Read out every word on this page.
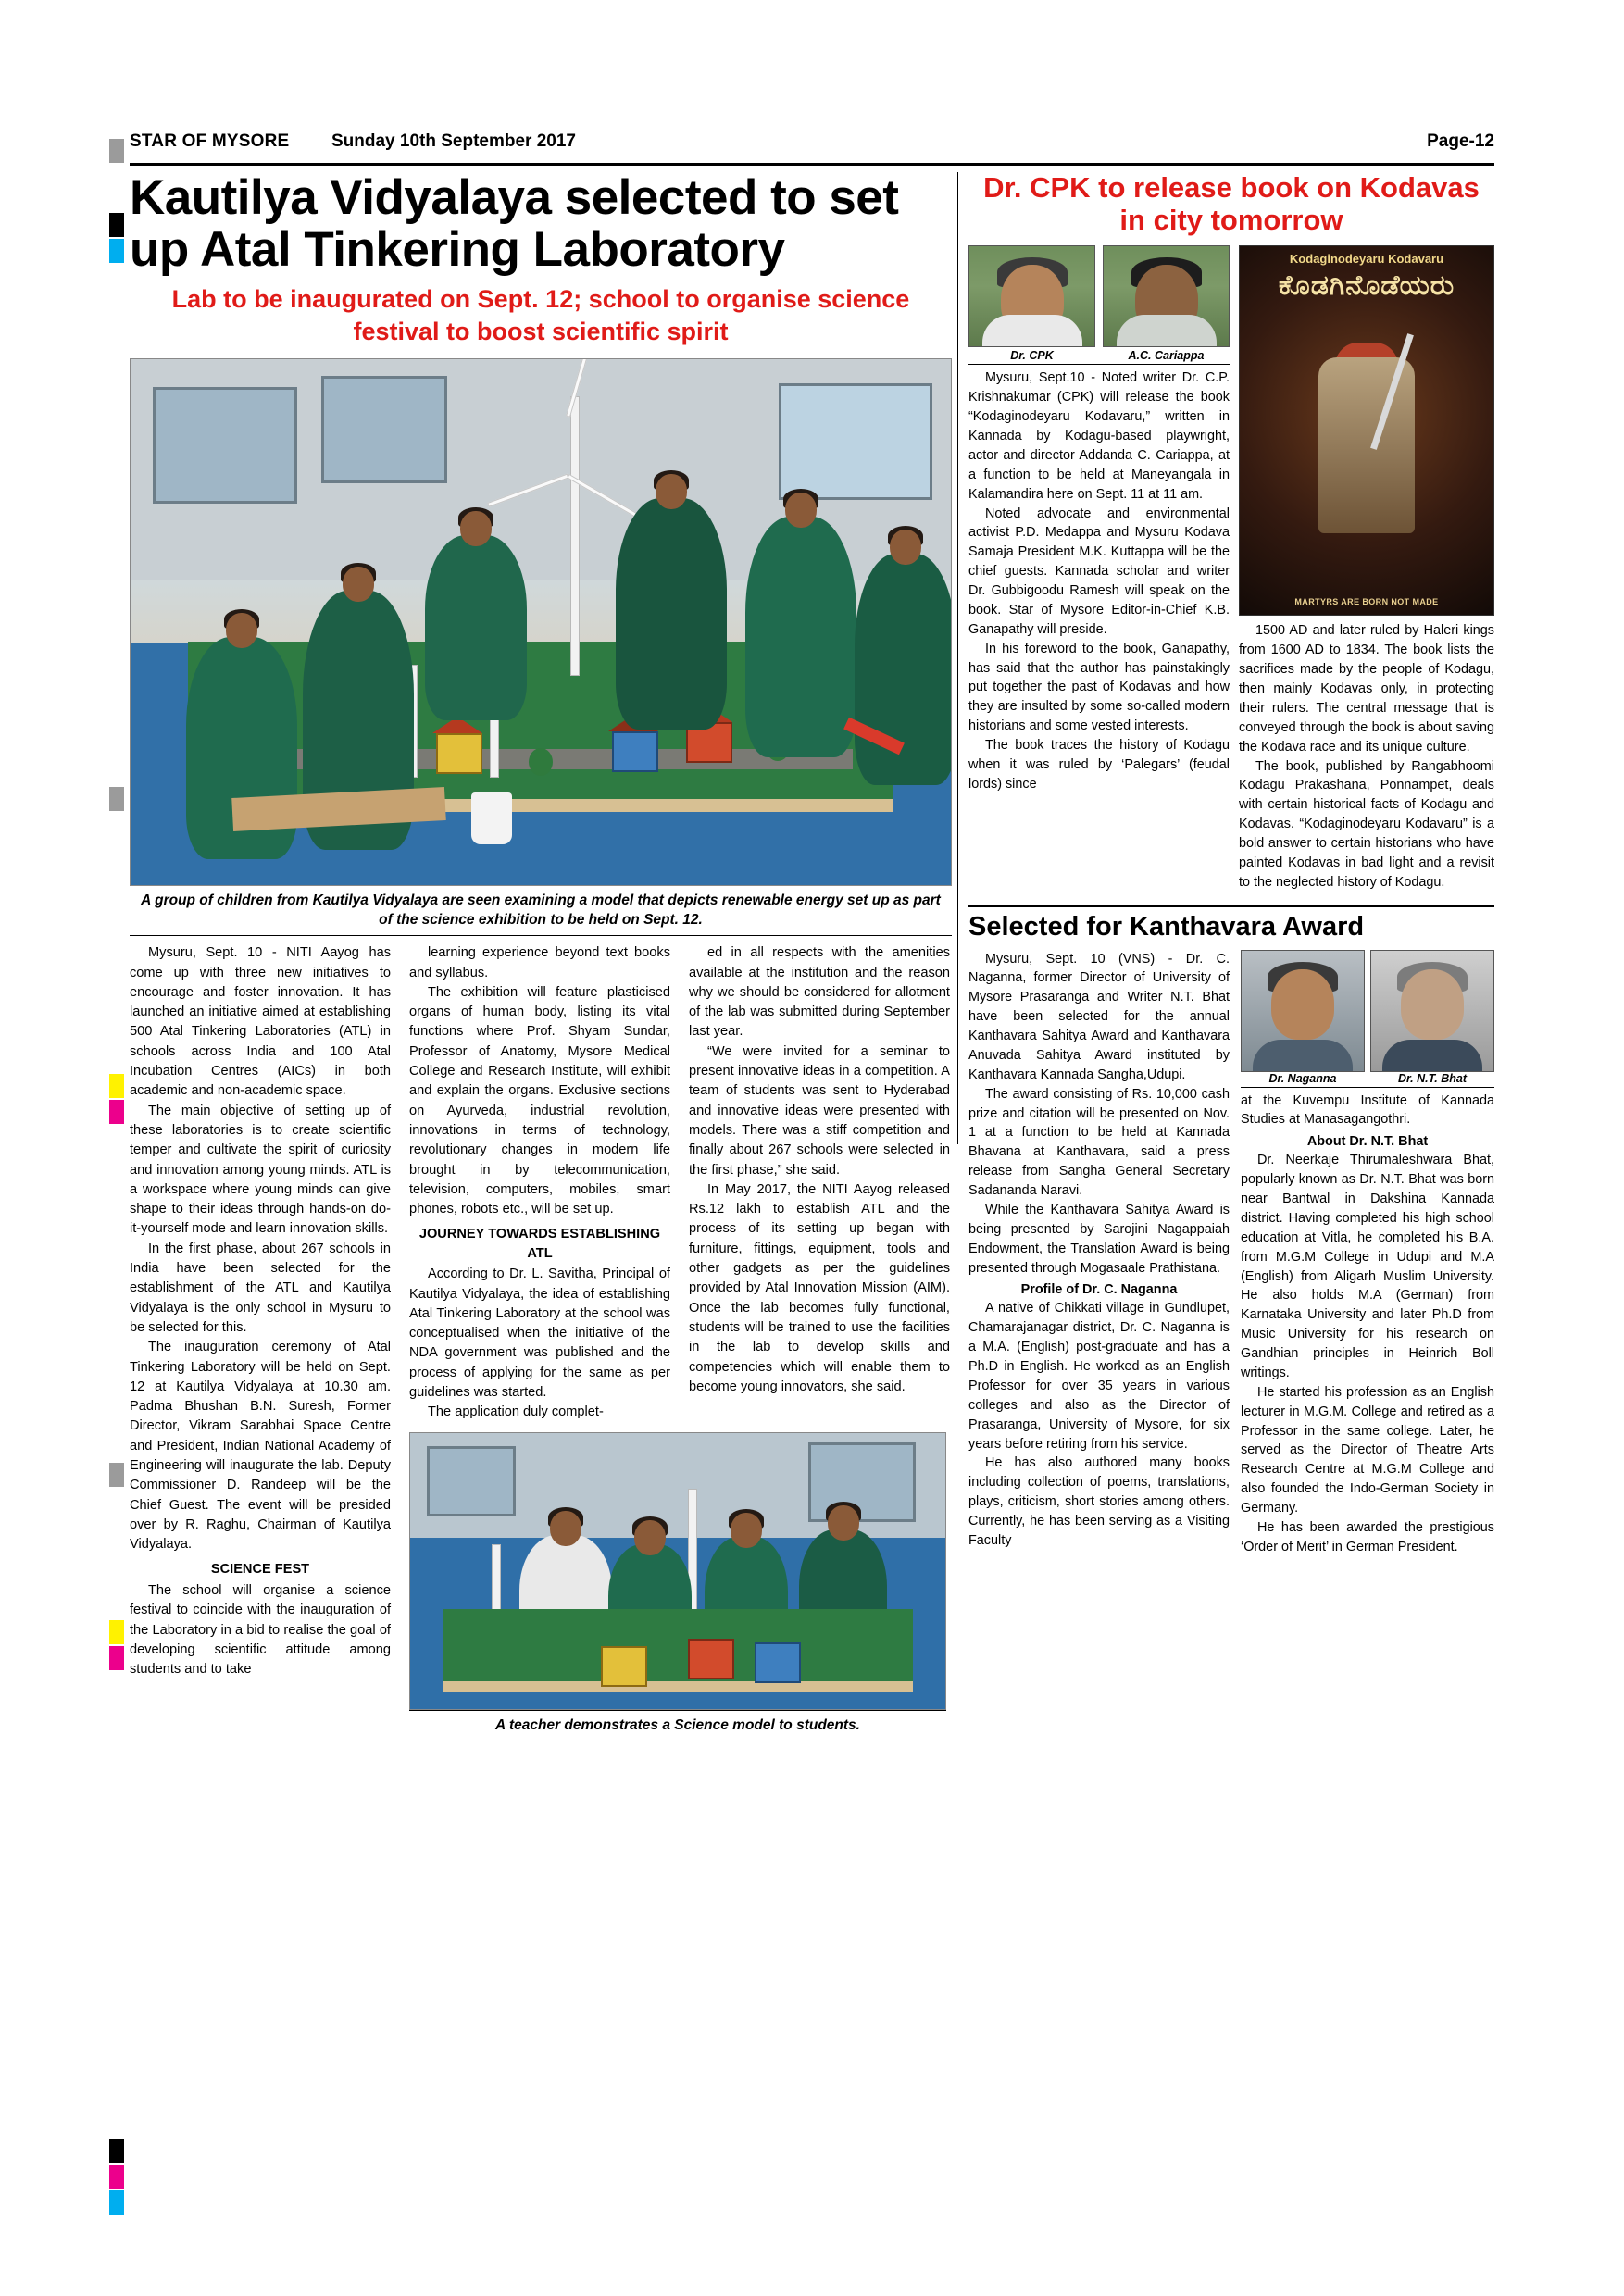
STAR OF MYSORE Sunday 10th September 2017	Page-12
Kautilya Vidyalaya selected to set up Atal Tinkering Laboratory
Lab to be inaugurated on Sept. 12; school to organise science festival to boost scientific spirit
A group of children from Kautilya Vidyalaya are seen examining a model that depicts renewable energy set up as part of the science exhibition to be held on Sept. 12.

Mysuru, Sept. 10 - NITI Aayog has come up with three new initiatives to encourage and foster innovation. It has launched an initiative aimed at establishing 500 Atal Tinkering Laboratories (ATL) in schools across India and 100 Atal Incubation Centres (AICs) in both academic and non-academic space.

The main objective of setting up of these laboratories is to create scientific temper and cultivate the spirit of curiosity and innovation among young minds. ATL is a workspace where young minds can give shape to their ideas through hands-on do-it-yourself mode and learn innovation skills.

In the first phase, about 267 schools in India have been selected for the establishment of the ATL and Kautilya Vidyalaya is the only school in Mysuru to be selected for this.

The inauguration ceremony of Atal Tinkering Laboratory will be held on Sept. 12 at Kautilya Vidyalaya at 10.30 am. Padma Bhushan B.N. Suresh, Former Director, Vikram Sarabhai Space Centre and President, Indian National Academy of Engineering will inaugurate the lab. Deputy Commissioner D. Randeep will be the Chief Guest. The event will be presided over by R. Raghu, Chairman of Kautilya Vidyalaya.

SCIENCE FEST

The school will organise a science festival to coincide with the inauguration of the Laboratory in a bid to realise the goal of developing scientific attitude among students and to take

learning experience beyond text books and syllabus.

The exhibition will feature plasticised organs of human body, listing its vital functions where Prof. Shyam Sundar, Professor of Anatomy, Mysore Medical College and Research Institute, will exhibit and explain the organs. Exclusive sections on Ayurveda, industrial revolution, innovations in terms of technology, revolutionary changes in modern life brought in by telecommunication, television, computers, mobiles, smart phones, robots etc., will be set up.

JOURNEY TOWARDS ESTABLISHING ATL

According to Dr. L. Savitha, Principal of Kautilya Vidyalaya, the idea of establishing Atal Tinkering Laboratory at the school was conceptualised when the initiative of the NDA government was published and the process of applying for the same as per guidelines was started.

The application duly complet-

A teacher demonstrates a Science model to students.

ed in all respects with the amenities available at the institution and the reason why we should be considered for allotment of the lab was submitted during September last year.

“We were invited for a seminar to present innovative ideas in a competition. A team of students was sent to Hyderabad and innovative ideas were presented with models. There was a stiff competition and finally about 267 schools were selected in the first phase,” she said.

In May 2017, the NITI Aayog released Rs.12 lakh to establish ATL and the process of its setting up began with furniture, fittings, equipment, tools and other gadgets as per the guidelines provided by Atal Innovation Mission (AIM). Once the lab becomes fully functional, students will be trained to use the facilities in the lab to develop skills and competencies which will enable them to become young innovators, she said.

Dr. CPK to release book on Kodavas in city tomorrow
Dr. CPK	A.C. Cariappa

Mysuru, Sept.10 - Noted writer Dr. C.P. Krishnakumar (CPK) will release the book “Kodaginodeyaru Kodavaru,” written in Kannada by Kodagu-based playwright, actor and director Addanda C. Cariappa, at a function to be held at Maneyangala in Kalamandira here on Sept. 11 at 11 am.

Noted advocate and environmental activist P.D. Medappa and Mysuru Kodava Samaja President M.K. Kuttappa will be the chief guests. Kannada scholar and writer Dr. Gubbigoodu Ramesh will speak on the book. Star of Mysore Editor-in-Chief K.B. Ganapathy will preside.

In his foreword to the book, Ganapathy, has said that the author has painstakingly put together the past of Kodavas and how they are insulted by some so-called modern historians and some vested interests.

The book traces the history of Kodagu when it was ruled by ‘Palegars’ (feudal lords) since

Kodaginodeyaru Kodavaru
ಕೊಡಗಿನೊಡೆಯರು
MARTYRS ARE BORN NOT MADE

1500 AD and later ruled by Haleri kings from 1600 AD to 1834. The book lists the sacrifices made by the people of Kodagu, then mainly Kodavas only, in protecting their rulers. The central message that is conveyed through the book is about saving the Kodava race and its unique culture.

The book, published by Rangabhoomi Kodagu Prakashana, Ponnampet, deals with certain historical facts of Kodagu and Kodavas. “Kodaginodeyaru Kodavaru” is a bold answer to certain historians who have painted Kodavas in bad light and a revisit to the neglected history of Kodagu.

Selected for Kanthavara Award

Mysuru, Sept. 10 (VNS) - Dr. C. Naganna, former Director of University of Mysore Prasaranga and Writer N.T. Bhat have been selected for the annual Kanthavara Sahitya Award and Kanthavara Anuvada Sahitya Award instituted by Kanthavara Kannada Sangha,Udupi.

The award consisting of Rs. 10,000 cash prize and citation will be presented on Nov. 1 at a function to be held at Kannada Bhavana at Kanthavara, said a press release from Sangha General Secretary Sadananda Naravi.

While the Kanthavara Sahitya Award is being presented by Sarojini Nagappaiah Endowment, the Translation Award is being presented through Mogasaale Prathistana.

Profile of Dr. C. Naganna

A native of Chikkati village in Gundlupet, Chamarajanagar district, Dr. C. Naganna is a M.A. (English) post-graduate and has a Ph.D in English. He worked as an English Professor for over 35 years in various colleges and also as the Director of Prasaranga, University of Mysore, for six years before retiring from his service.

He has also authored many books including collection of poems, translations, plays, criticism, short stories among others. Currently, he has been serving as a Visiting Faculty

Dr. Naganna	Dr. N.T. Bhat

at the Kuvempu Institute of Kannada Studies at Manasagangothri.

About Dr. N.T. Bhat

Dr. Neerkaje Thirumaleshwara Bhat, popularly known as Dr. N.T. Bhat was born near Bantwal in Dakshina Kannada district. Having completed his high school education at Vitla, he completed his B.A. from M.G.M College in Udupi and M.A (English) from Aligarh Muslim University. He also holds M.A (German) from Karnataka University and later Ph.D from Music University for his research on Gandhian principles in Heinrich Boll writings.

He started his profession as an English lecturer in M.G.M. College and retired as a Professor in the same college. Later, he served as the Director of Theatre Arts Research Centre at M.G.M College and also founded the Indo-German Society in Germany.

He has been awarded the prestigious ‘Order of Merit’ in German President.
